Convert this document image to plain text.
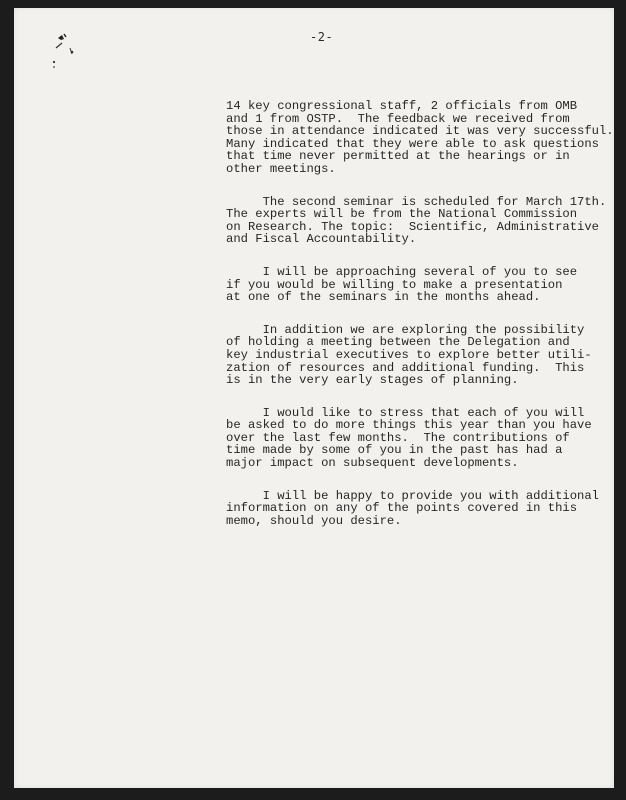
-2-

14 key congressional staff, 2 officials from OMB
and 1 from OSTP.  The feedback we received from
those in attendance indicated it was very successful.
Many indicated that they were able to ask questions
that time never permitted at the hearings or in
other meetings.

The second seminar is scheduled for March 17th.
The experts will be from the National Commission
on Research. The topic:  Scientific, Administrative
and Fiscal Accountability.

I will be approaching several of you to see
if you would be willing to make a presentation
at one of the seminars in the months ahead.

In addition we are exploring the possibility
of holding a meeting between the Delegation and
key industrial executives to explore better utili-
zation of resources and additional funding.  This
is in the very early stages of planning.

I would like to stress that each of you will
be asked to do more things this year than you have
over the last few months.  The contributions of
time made by some of you in the past has had a
major impact on subsequent developments.

I will be happy to provide you with additional
information on any of the points covered in this
memo, should you desire.
